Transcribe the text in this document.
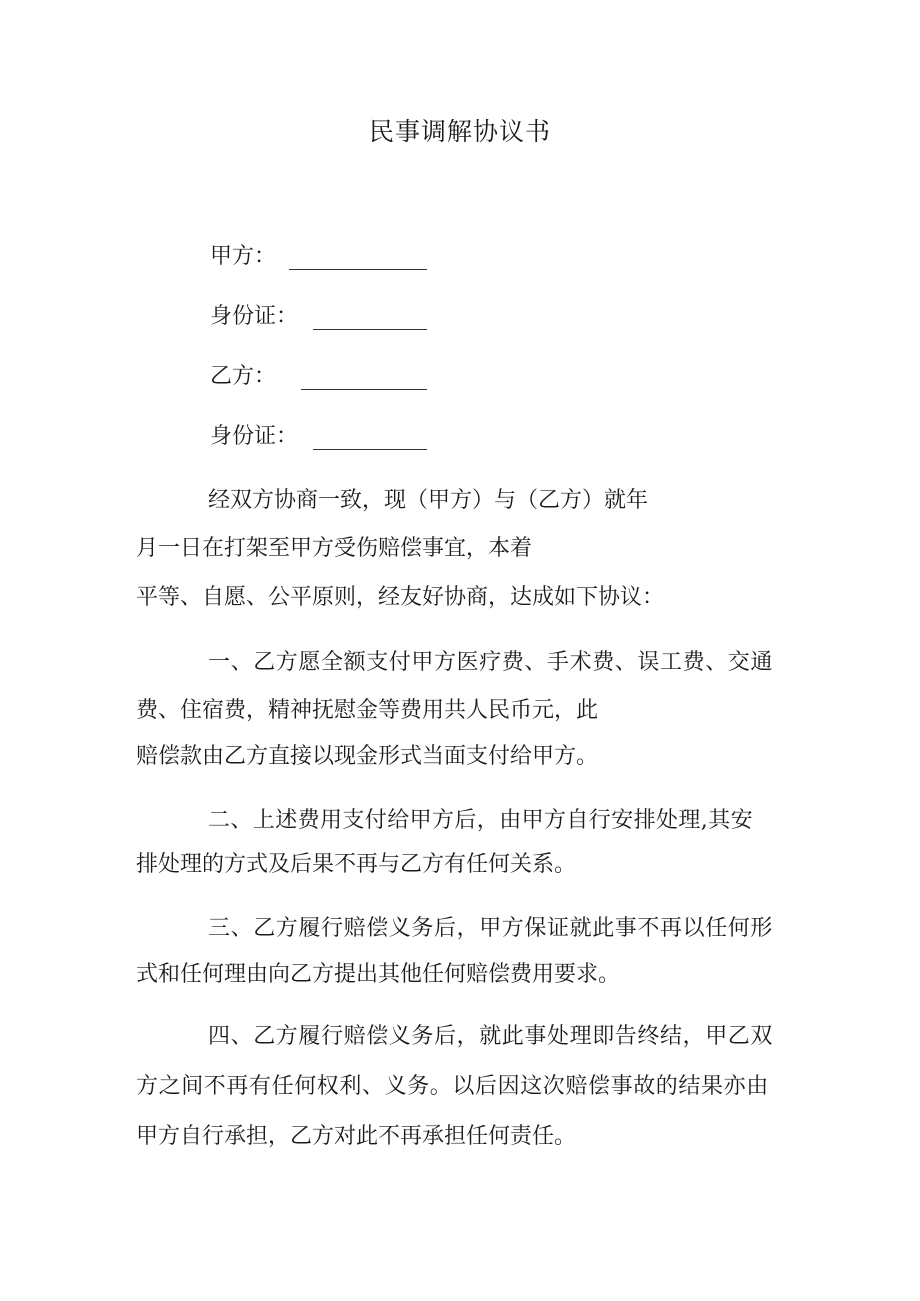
民事调解协议书
甲方：
身份证：
乙方：
身份证：
经双方协商一致，现（甲方）与（乙方）就年
月一日在打架至甲方受伤赔偿事宜，本着
平等、自愿、公平原则，经友好协商，达成如下协议：
一、乙方愿全额支付甲方医疗费、手术费、误工费、交通
费、住宿费，精神抚慰金等费用共人民币元，此
赔偿款由乙方直接以现金形式当面支付给甲方。
二、上述费用支付给甲方后，由甲方自行安排处理,其安
排处理的方式及后果不再与乙方有任何关系。
三、乙方履行赔偿义务后，甲方保证就此事不再以任何形
式和任何理由向乙方提出其他任何赔偿费用要求。
四、乙方履行赔偿义务后，就此事处理即告终结，甲乙双
方之间不再有任何权利、义务。以后因这次赔偿事故的结果亦由
甲方自行承担，乙方对此不再承担任何责任。
